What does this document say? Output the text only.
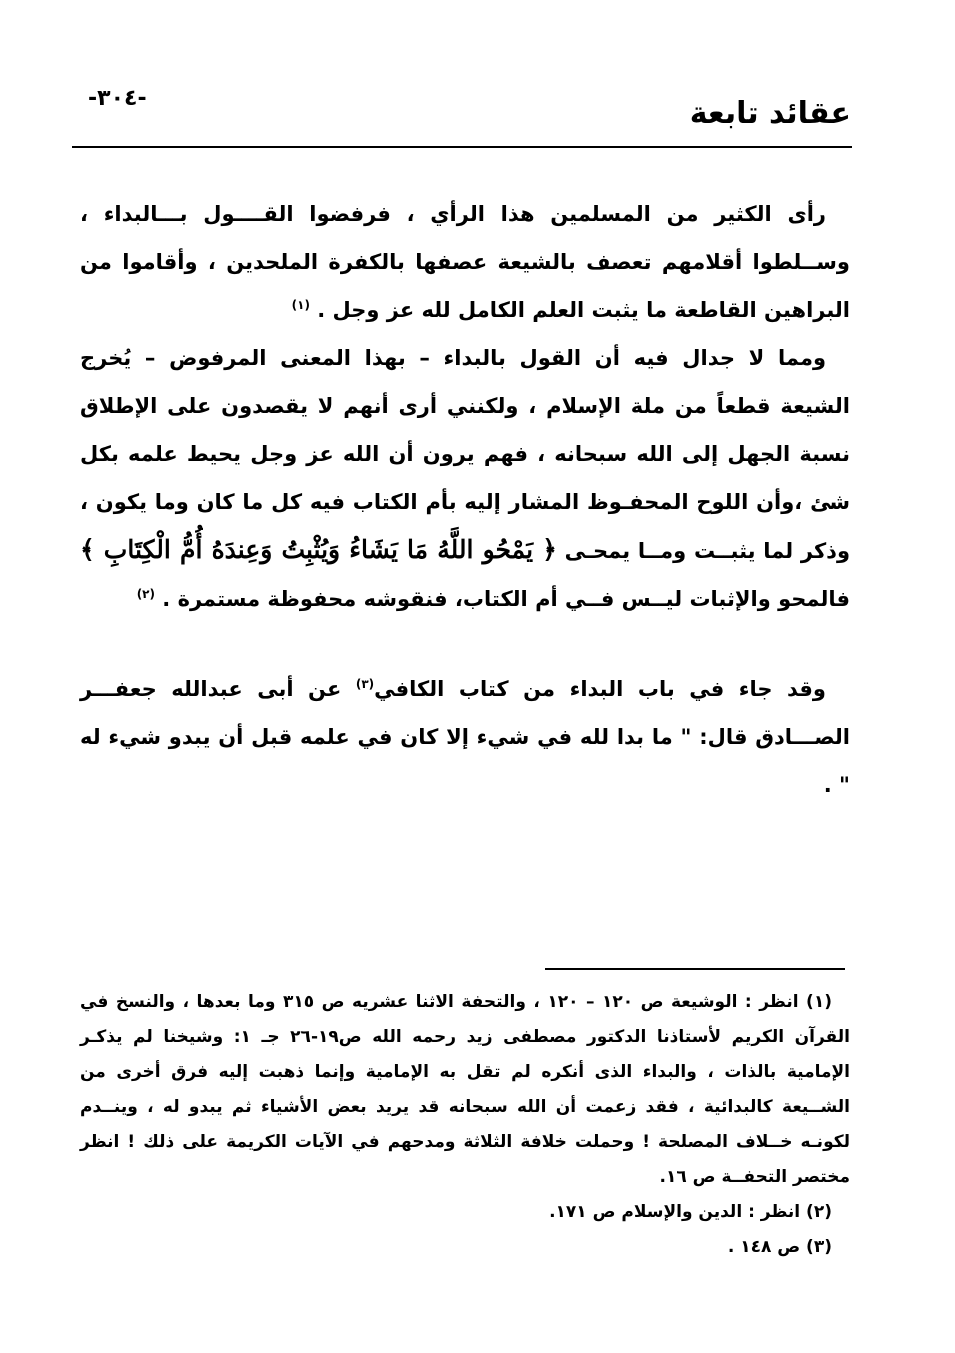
-٣٠٤-	عقائد تابعة

رأى الكثير من المسلمين هذا الرأي ، فرفضوا القــــول بـــالبداء ، وســلطوا أقلامهم تعصف بالشيعة عصفها بالكفرة الملحدين ، وأقاموا من البراهين القاطعة ما يثبت العلم الكامل لله عز وجل . $^{(١)}$

ومما لا جدال فيه أن القول بالبداء – بهذا المعنى المرفوض – يُخرج الشيعة قطعاً من ملة الإسلام ، ولكنني أرى أنهم لا يقصدون على الإطلاق نسبة الجهل إلى الله سبحانه ، فهم يرون أن الله عز وجل يحيط علمه بكل شئ ،وأن اللوح المحفـوظ المشار إليه بأم الكتاب فيه كل ما كان وما يكون ، وذكر لما يثبــت ومــا يمحـى ﴿ يَمْحُو اللَّهُ مَا يَشَاءُ وَيُثْبِتُ وَعِندَهُ أُمُّ الْكِتَابِ ﴾ فالمحو والإثبات ليــس فــي أم الكتاب، فنقوشه محفوظة مستمرة . $^{(٢)}$

وقد جاء في باب البداء من كتاب الكافي$^{(٣)}$ عن أبى عبدالله جعفـــر الصـــادق قال: " ما بدا لله في شيء إلا كان في علمه قبل أن يبدو شيء له " .

(١) انظر : الوشيعة ص ١٢٠ – ١٢٠ ، والتحفة الاثنا عشريه ص ٣١٥ وما بعدها ، والنسخ في القرآن الكريم لأستاذنا الدكتور مصطفى زيد رحمه الله ص١٩-٢٦ جـ ١: وشيخنا لم يذكـر الإمامية بالذات ، والبداء الذى أنكره لم تقل به الإمامية وإنما ذهبت إليه فرق أخرى من الشــيعة كالبدائية ، فقد زعمت أن الله سبحانه قد يريد بعض الأشياء ثم يبدو له ، وينــدم لكونـه خــلاف المصلحة ! وحملت خلافة الثلاثة ومدحهم في الآيات الكريمة على ذلك ! انظر مختصر التحفــة ص ١٦.

(٢) انظر : الدين والإسلام ص ١٧١.

(٣) ص ١٤٨ .
